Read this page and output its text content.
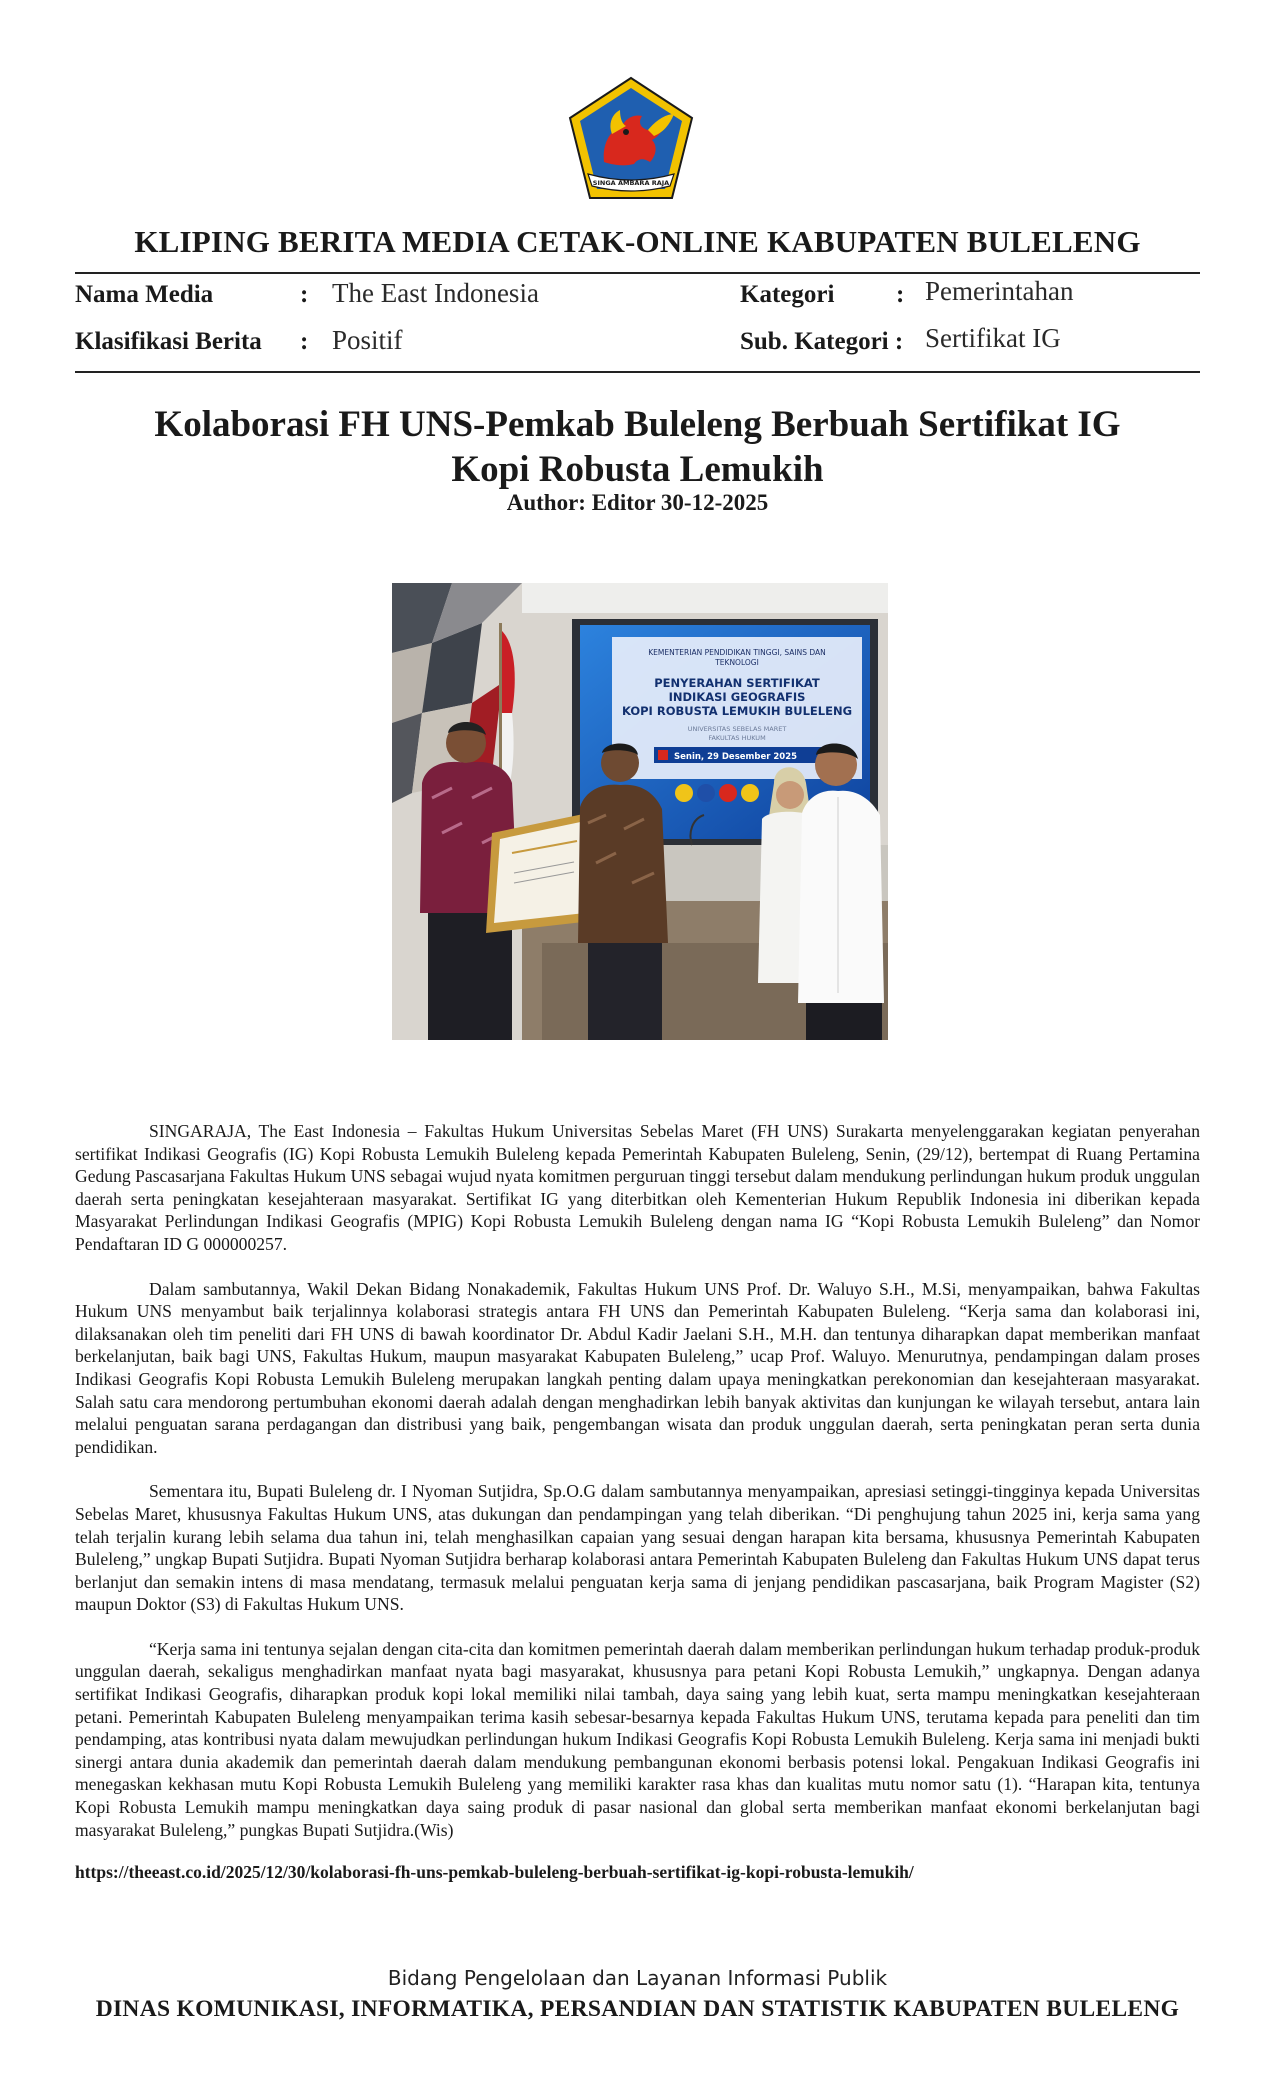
SINGA AMBARA RAJA
KLIPING BERITA MEDIA CETAK-ONLINE KABUPATEN BULELENG
Nama Media	: The East Indonesia	Kategori : Pemerintahan
Klasifikasi Berita : Positif	Sub. Kategori : Sertifikat IG
Kolaborasi FH UNS-Pemkab Buleleng Berbuah Sertifikat IG
Kopi Robusta Lemukih
Author: Editor 30-12-2025
KEMENTERIAN PENDIDIKAN TINGGI, SAINS DAN
TEKNOLOGI
PENYERAHAN SERTIFIKAT
INDIKASI GEOGRAFIS
KOPI ROBUSTA LEMUKIH BULELENG
UNIVERSITAS SEBELAS MARET
FAKULTAS HUKUM
Senin, 29 Desember 2025

SINGARAJA, The East Indonesia – Fakultas Hukum Universitas Sebelas Maret (FH UNS) Surakarta menyelenggarakan kegiatan penyerahan sertifikat Indikasi Geografis (IG) Kopi Robusta Lemukih Buleleng kepada Pemerintah Kabupaten Buleleng, Senin, (29/12), bertempat di Ruang Pertamina Gedung Pascasarjana Fakultas Hukum UNS sebagai wujud nyata komitmen perguruan tinggi tersebut dalam mendukung perlindungan hukum produk unggulan daerah serta peningkatan kesejahteraan masyarakat. Sertifikat IG yang diterbitkan oleh Kementerian Hukum Republik Indonesia ini diberikan kepada Masyarakat Perlindungan Indikasi Geografis (MPIG) Kopi Robusta Lemukih Buleleng dengan nama IG “Kopi Robusta Lemukih Buleleng” dan Nomor Pendaftaran ID G 000000257.

Dalam sambutannya, Wakil Dekan Bidang Nonakademik, Fakultas Hukum UNS Prof. Dr. Waluyo S.H., M.Si, menyampaikan, bahwa Fakultas Hukum UNS menyambut baik terjalinnya kolaborasi strategis antara FH UNS dan Pemerintah Kabupaten Buleleng. “Kerja sama dan kolaborasi ini, dilaksanakan oleh tim peneliti dari FH UNS di bawah koordinator Dr. Abdul Kadir Jaelani S.H., M.H. dan tentunya diharapkan dapat memberikan manfaat berkelanjutan, baik bagi UNS, Fakultas Hukum, maupun masyarakat Kabupaten Buleleng,” ucap Prof. Waluyo. Menurutnya, pendampingan dalam proses Indikasi Geografis Kopi Robusta Lemukih Buleleng merupakan langkah penting dalam upaya meningkatkan perekonomian dan kesejahteraan masyarakat. Salah satu cara mendorong pertumbuhan ekonomi daerah adalah dengan menghadirkan lebih banyak aktivitas dan kunjungan ke wilayah tersebut, antara lain melalui penguatan sarana perdagangan dan distribusi yang baik, pengembangan wisata dan produk unggulan daerah, serta peningkatan peran serta dunia pendidikan.

Sementara itu, Bupati Buleleng dr. I Nyoman Sutjidra, Sp.O.G dalam sambutannya menyampaikan, apresiasi setinggi-tingginya kepada Universitas Sebelas Maret, khususnya Fakultas Hukum UNS, atas dukungan dan pendampingan yang telah diberikan. “Di penghujung tahun 2025 ini, kerja sama yang telah terjalin kurang lebih selama dua tahun ini, telah menghasilkan capaian yang sesuai dengan harapan kita bersama, khususnya Pemerintah Kabupaten Buleleng,” ungkap Bupati Sutjidra. Bupati Nyoman Sutjidra berharap kolaborasi antara Pemerintah Kabupaten Buleleng dan Fakultas Hukum UNS dapat terus berlanjut dan semakin intens di masa mendatang, termasuk melalui penguatan kerja sama di jenjang pendidikan pascasarjana, baik Program Magister (S2) maupun Doktor (S3) di Fakultas Hukum UNS.

“Kerja sama ini tentunya sejalan dengan cita-cita dan komitmen pemerintah daerah dalam memberikan perlindungan hukum terhadap produk-produk unggulan daerah, sekaligus menghadirkan manfaat nyata bagi masyarakat, khususnya para petani Kopi Robusta Lemukih,” ungkapnya. Dengan adanya sertifikat Indikasi Geografis, diharapkan produk kopi lokal memiliki nilai tambah, daya saing yang lebih kuat, serta mampu meningkatkan kesejahteraan petani. Pemerintah Kabupaten Buleleng menyampaikan terima kasih sebesar-besarnya kepada Fakultas Hukum UNS, terutama kepada para peneliti dan tim pendamping, atas kontribusi nyata dalam mewujudkan perlindungan hukum Indikasi Geografis Kopi Robusta Lemukih Buleleng. Kerja sama ini menjadi bukti sinergi antara dunia akademik dan pemerintah daerah dalam mendukung pembangunan ekonomi berbasis potensi lokal. Pengakuan Indikasi Geografis ini menegaskan kekhasan mutu Kopi Robusta Lemukih Buleleng yang memiliki karakter rasa khas dan kualitas mutu nomor satu (1). “Harapan kita, tentunya Kopi Robusta Lemukih mampu meningkatkan daya saing produk di pasar nasional dan global serta memberikan manfaat ekonomi berkelanjutan bagi masyarakat Buleleng,” pungkas Bupati Sutjidra.(Wis)

https://theeast.co.id/2025/12/30/kolaborasi-fh-uns-pemkab-buleleng-berbuah-sertifikat-ig-kopi-robusta-lemukih/
Bidang Pengelolaan dan Layanan Informasi Publik
DINAS KOMUNIKASI, INFORMATIKA, PERSANDIAN DAN STATISTIK KABUPATEN BULELENG
